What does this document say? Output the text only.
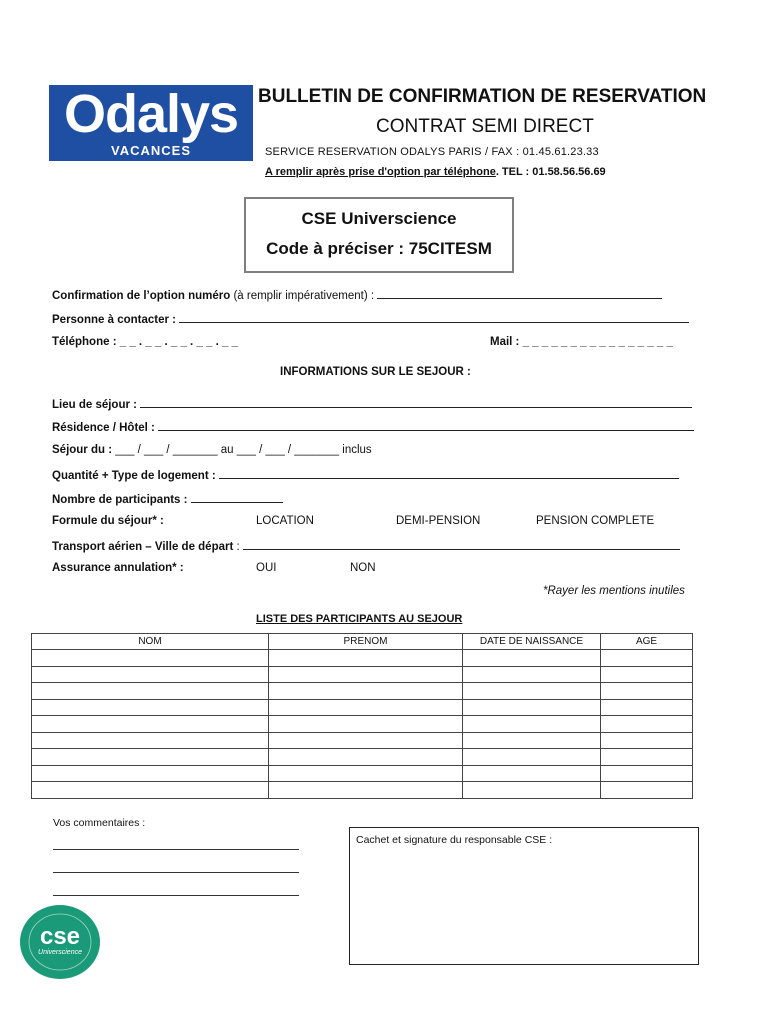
Odalys
VACANCES
BULLETIN DE CONFIRMATION DE RESERVATION
CONTRAT SEMI DIRECT
SERVICE RESERVATION ODALYS PARIS / FAX : 01.45.61.23.33
A remplir après prise d'option par téléphone. TEL : 01.58.56.56.69
CSE Universcience
Code à préciser : 75CITESM
Confirmation de l’option numéro (à remplir impérativement) :
Personne à contacter :
Téléphone : _ _ . _ _ . _ _ . _ _ . _ _	Mail : _ _ _ _ _ _ _ _ _ _ _ _ _ _ _ _
INFORMATIONS SUR LE SEJOUR :
Lieu de séjour :
Résidence / Hôtel :
Séjour du : ___ / ___ / _______ au ___ / ___ / _______ inclus
Quantité + Type de logement :
Nombre de participants :
Formule du séjour* :	LOCATION	DEMI-PENSION	PENSION COMPLETE
Transport aérien – Ville de départ :
Assurance annulation* :	OUI	NON
*Rayer les mentions inutiles
LISTE DES PARTICIPANTS AU SEJOUR
NOM	PRENOM	DATE DE NAISSANCE	AGE

Vos commentaires :
Cachet et signature du responsable CSE :
cse
Universcience
